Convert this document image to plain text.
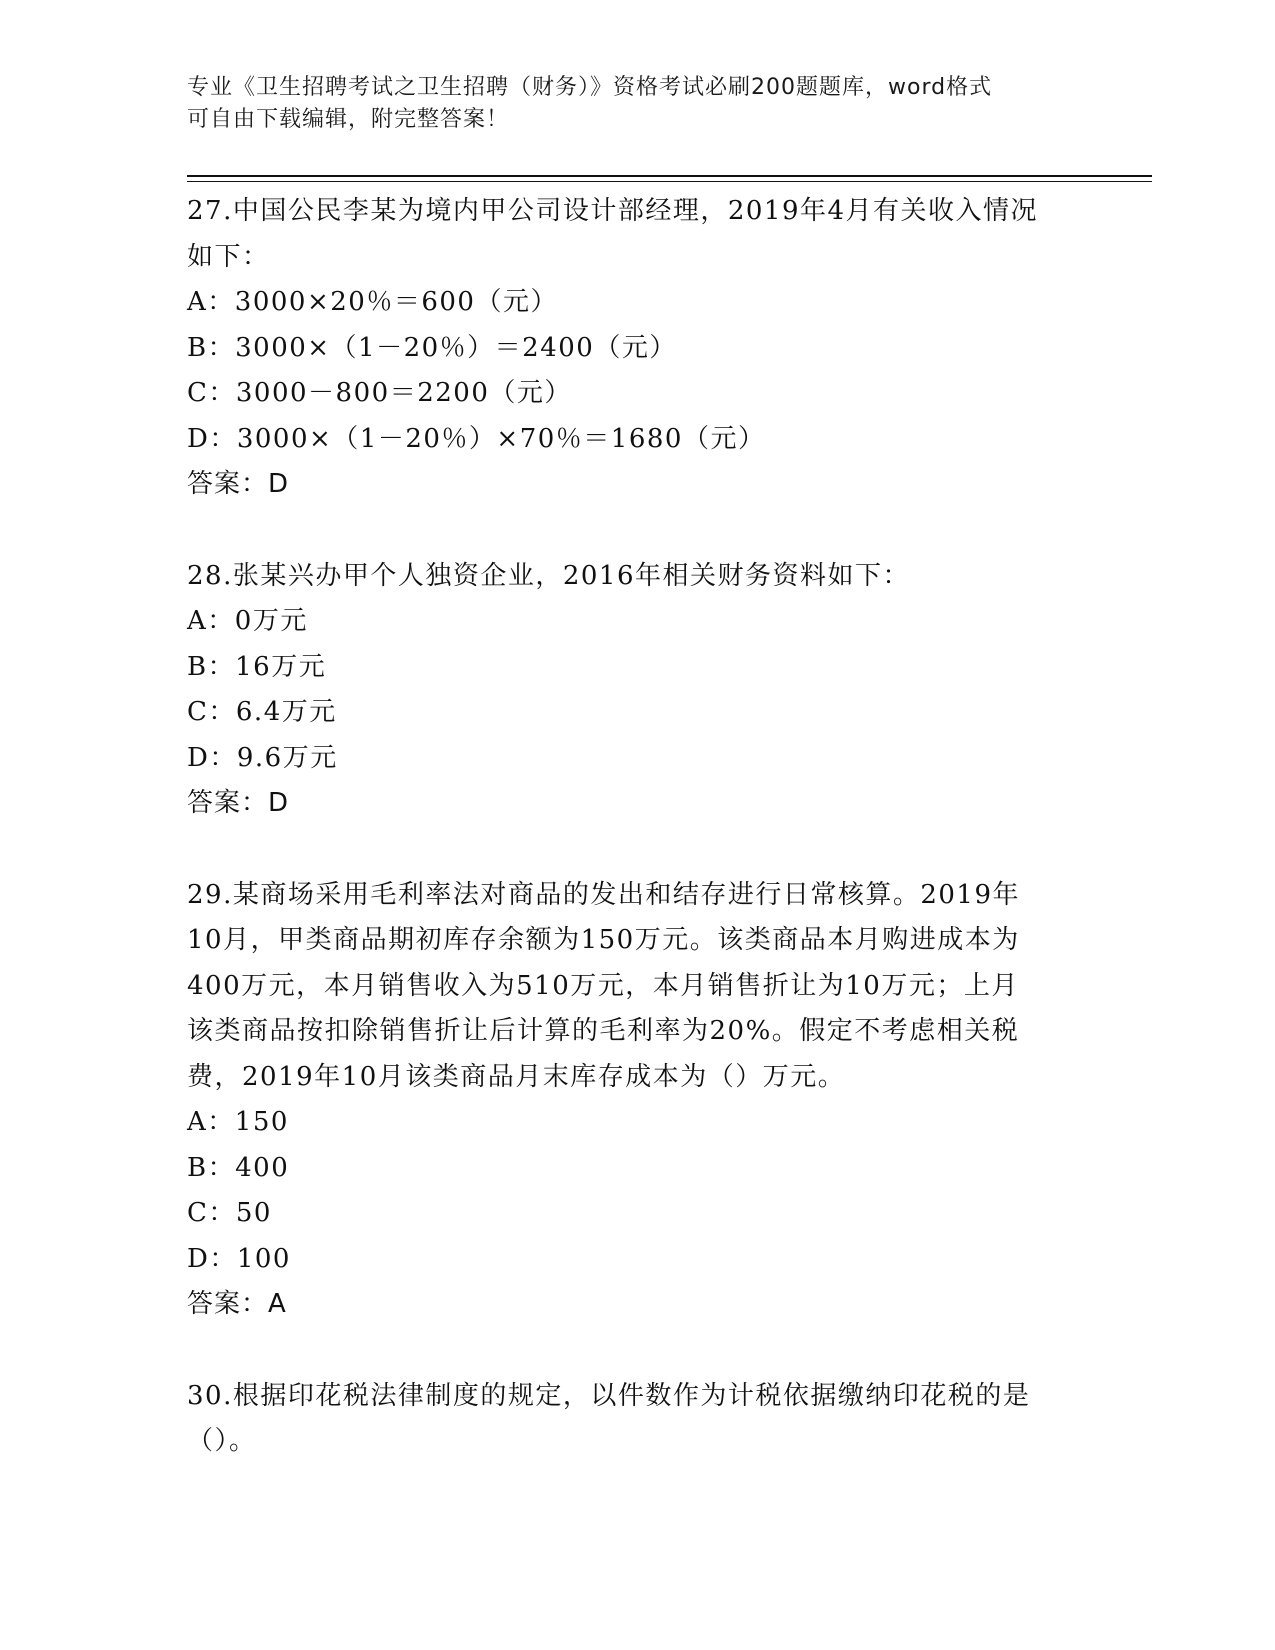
专业《卫生招聘考试之卫生招聘（财务）》资格考试必刷200题题库，word格式
可自由下载编辑，附完整答案！
27.中国公民李某为境内甲公司设计部经理，2019年4月有关收入情况
如下：
A：3000×20％＝600（元）
B：3000×（1－20％）＝2400（元）
C：3000－800＝2200（元）
D：3000×（1－20％）×70％＝1680（元）
答案：D
28.张某兴办甲个人独资企业，2016年相关财务资料如下：
A：0万元
B：16万元
C：6.4万元
D：9.6万元
答案：D
29.某商场采用毛利率法对商品的发出和结存进行日常核算。2019年
10月，甲类商品期初库存余额为150万元。该类商品本月购进成本为
400万元，本月销售收入为510万元，本月销售折让为10万元；上月
该类商品按扣除销售折让后计算的毛利率为20%。假定不考虑相关税
费，2019年10月该类商品月末库存成本为（）万元。
A：150
B：400
C：50
D：100
答案：A
30.根据印花税法律制度的规定，以件数作为计税依据缴纳印花税的是
（）。
